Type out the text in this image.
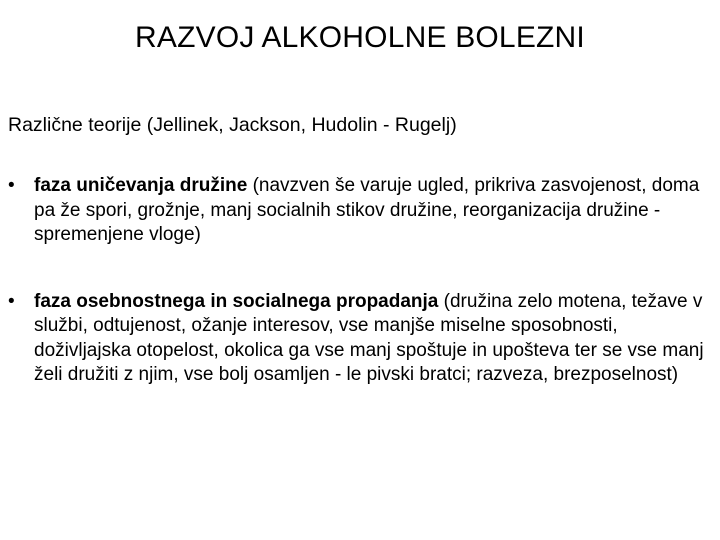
RAZVOJ ALKOHOLNE BOLEZNI
Različne teorije (Jellinek, Jackson, Hudolin - Rugelj)
•	faza uničevanja družine (navzven še varuje ugled, prikriva zasvojenost, doma pa že spori, grožnje, manj socialnih stikov družine, reorganizacija družine - spremenjene vloge)
•	faza osebnostnega in socialnega propadanja (družina zelo motena, težave v službi, odtujenost, ožanje interesov, vse manjše miselne sposobnosti, doživljajska otopelost, okolica ga vse manj spoštuje in upošteva ter se vse manj želi družiti z njim, vse bolj osamljen - le pivski bratci; razveza, brezposelnost)
